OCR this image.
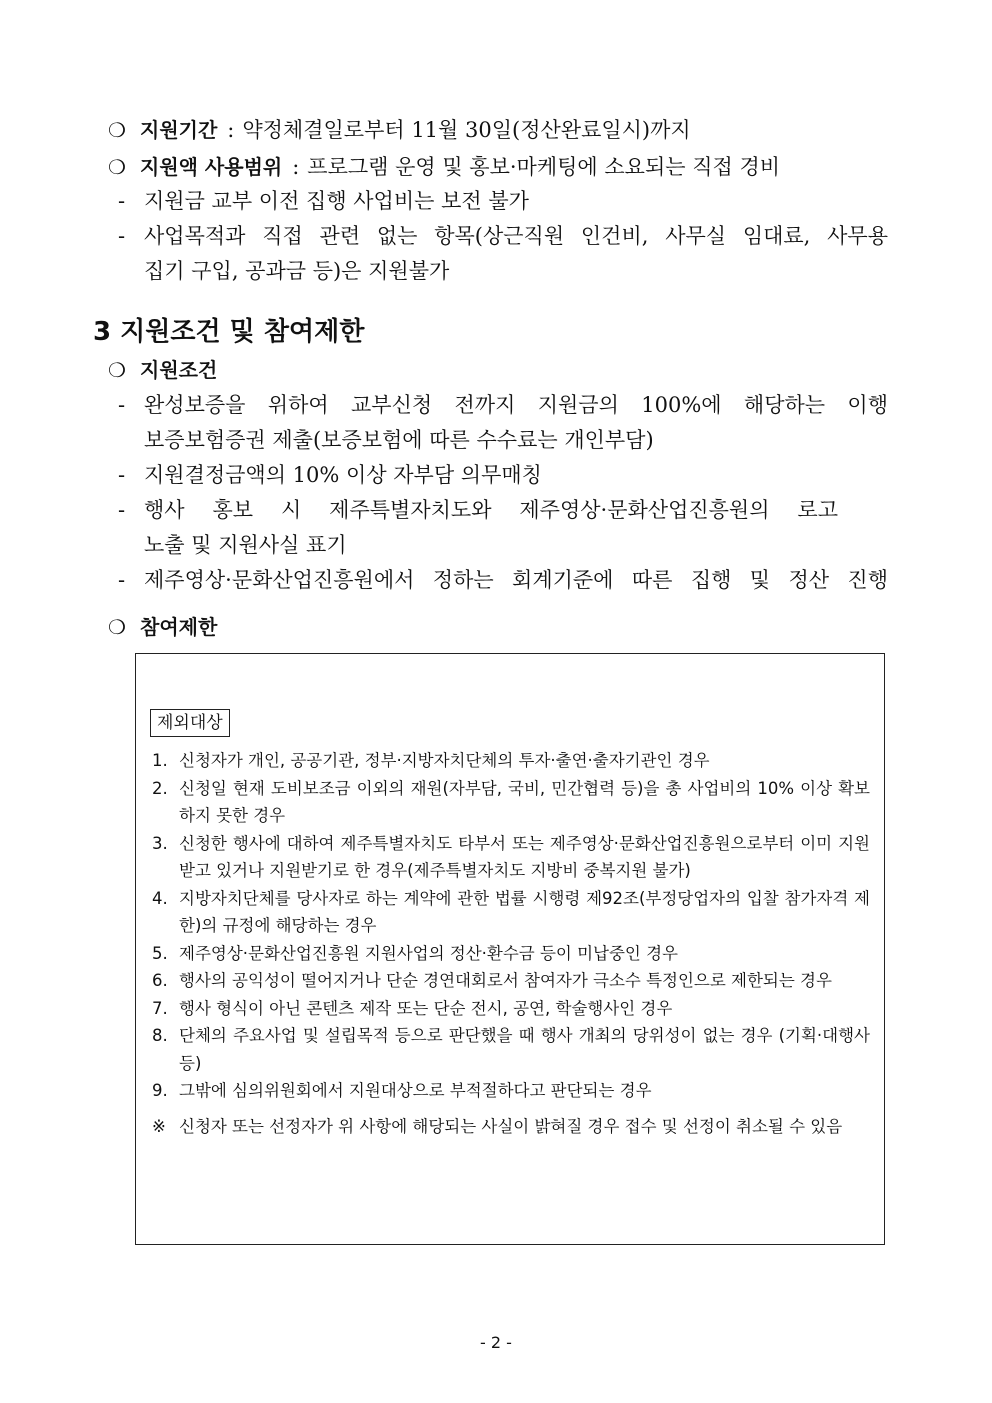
❍ 지원기간 : 약정체결일로부터 11월 30일(정산완료일시)까지
❍ 지원액 사용범위 : 프로그램 운영 및 홍보·마케팅에 소요되는 직접 경비
- 지원금 교부 이전 집행 사업비는 보전 불가
- 사업목적과 직접 관련 없는 항목(상근직원 인건비, 사무실 임대료, 사무용
집기 구입, 공과금 등)은 지원불가
3 지원조건 및 참여제한
❍ 지원조건
- 완성보증을 위하여 교부신청 전까지 지원금의 100%에 해당하는 이행
보증보험증권 제출(보증보험에 따른 수수료는 개인부담)
- 지원결정금액의 10% 이상 자부담 의무매칭
- 행사 홍보 시 제주특별자치도와 제주영상·문화산업진흥원의 로고
노출 및 지원사실 표기
- 제주영상·문화산업진흥원에서 정하는 회계기준에 따른 집행 및 정산 진행
❍ 참여제한
제외대상
1. 신청자가 개인, 공공기관, 정부·지방자치단체의 투자·출연·출자기관인 경우
2. 신청일 현재 도비보조금 이외의 재원(자부담, 국비, 민간협력 등)을 총 사업비의 10% 이상 확보하지 못한 경우
3. 신청한 행사에 대하여 제주특별자치도 타부서 또는 제주영상·문화산업진흥원으로부터 이미 지원받고 있거나 지원받기로 한 경우(제주특별자치도 지방비 중복지원 불가)
4. 지방자치단체를 당사자로 하는 계약에 관한 법률 시행령 제92조(부정당업자의 입찰 참가자격 제한)의 규정에 해당하는 경우
5. 제주영상·문화산업진흥원 지원사업의 정산·환수금 등이 미납중인 경우
6. 행사의 공익성이 떨어지거나 단순 경연대회로서 참여자가 극소수 특정인으로 제한되는 경우
7. 행사 형식이 아닌 콘텐츠 제작 또는 단순 전시, 공연, 학술행사인 경우
8. 단체의 주요사업 및 설립목적 등으로 판단했을 때 행사 개최의 당위성이 없는 경우 (기획·대행사 등)
9. 그밖에 심의위원회에서 지원대상으로 부적절하다고 판단되는 경우
※ 신청자 또는 선정자가 위 사항에 해당되는 사실이 밝혀질 경우 접수 및 선정이 취소될 수 있음
- 2 -
